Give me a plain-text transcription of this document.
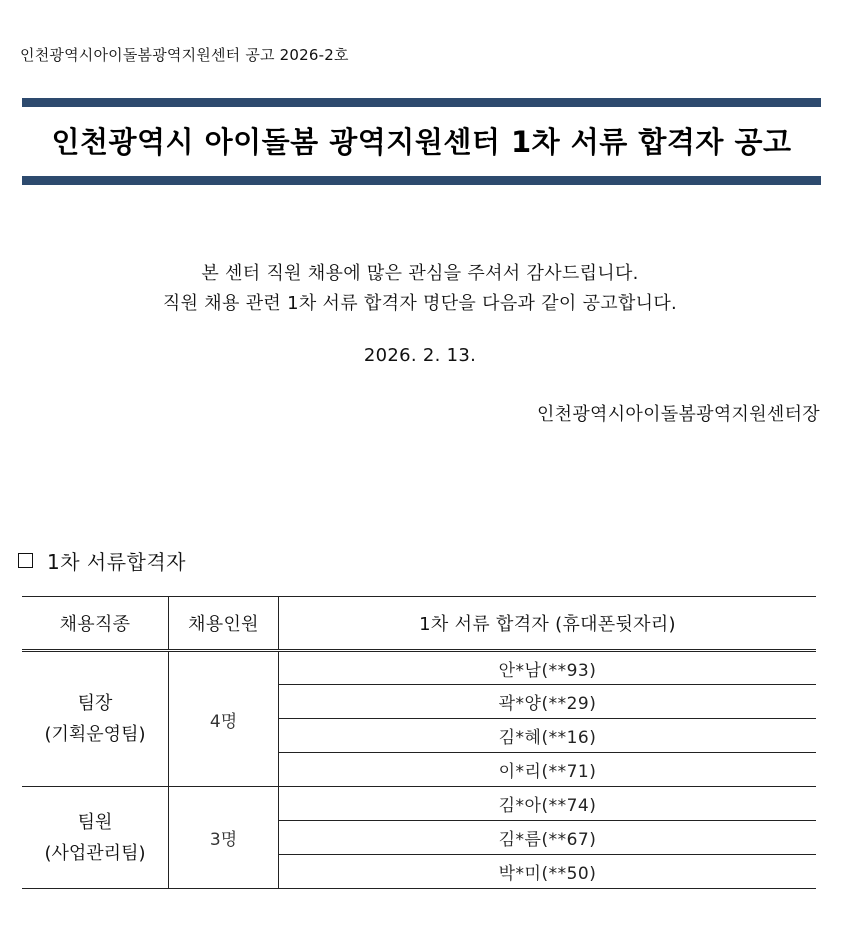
인천광역시아이돌봄광역지원센터 공고 2026-2호
인천광역시 아이돌봄 광역지원센터 1차 서류 합격자 공고
본 센터 직원 채용에 많은 관심을 주셔서 감사드립니다.
직원 채용 관련 1차 서류 합격자 명단을 다음과 같이 공고합니다.
2026. 2. 13.
인천광역시아이돌봄광역지원센터장
1차 서류합격자
채용직종	채용인원	1차 서류 합격자 (휴대폰뒷자리)

팀장
(기획운영팀)	4명	안*남(**93)
		곽*양(**29)
		김*혜(**16)
		이*리(**71)

팀원
(사업관리팀)	3명	김*아(**74)
		김*름(**67)
		박*미(**50)
